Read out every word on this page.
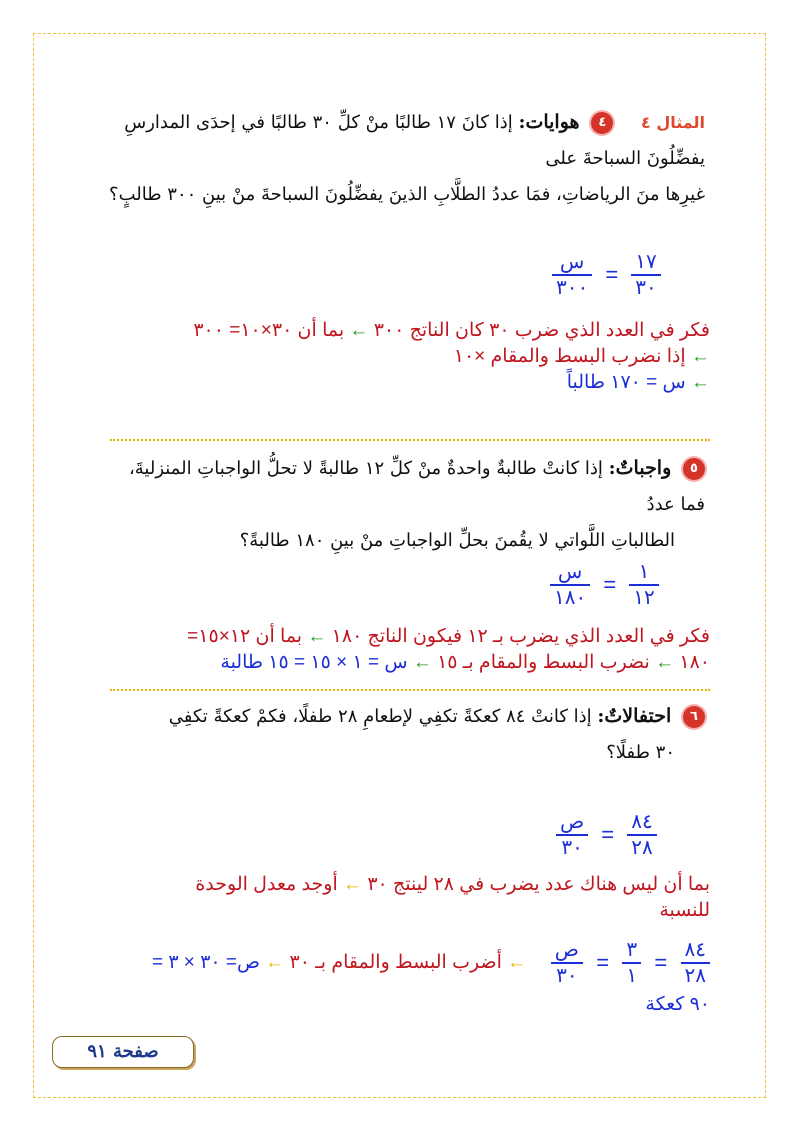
المثال ٤ ٤ هوايات: إذا كانَ ١٧ طالبًا منْ كلِّ ٣٠ طالبًا في إحدَى المدارسِ يفضِّلُونَ السباحةَ على
غيرِها منَ الرياضاتِ، فمَا عددُ الطلَّابِ الذينَ يفضِّلُونَ السباحةَ منْ بينِ ٣٠٠ طالبٍ؟
$\frac{\text{س}}{٣٠٠} = \frac{١٧}{٣٠}$
فكر في العدد الذي ضرب ٣٠ كان الناتج ٣٠٠ ← بما أن ٣٠×١٠= ٣٠٠
← إذا نضرب البسط والمقام ×١٠
← س = ١٧٠ طالباً
٥ واجباتٌ: إذا كانتْ طالبةٌ واحدةٌ منْ كلِّ ١٢ طالبةً لا تحلُّ الواجباتِ المنزليةَ، فما عددُ
الطالباتِ اللَّواتي لا يقُمنَ بحلِّ الواجباتِ منْ بينِ ١٨٠ طالبةً؟
$\frac{\text{س}}{١٨٠} = \frac{١}{١٢}$
فكر في العدد الذي يضرب بـ ١٢ فيكون الناتج ١٨٠ ← بما أن ١٢×١٥=
١٨٠ ← نضرب البسط والمقام بـ ١٥ ← س = ١ × ١٥ = ١٥ طالبة
٦ احتفالاتٌ: إذا كانتْ ٨٤ كعكةً تكفِي لإطعامِ ٢٨ طفلًا، فكمْ كعكةً تكفِي
٣٠ طفلًا؟
$\frac{\text{ص}}{٣٠} = \frac{٨٤}{٢٨}$
بما أن ليس هناك عدد يضرب في ٢٨ لينتج ٣٠ ← أوجد معدل الوحدة
للنسبة
$\frac{٨٤}{٢٨}$
=
$\frac{٣}{١}$
=
$\frac{\text{ص}}{٣٠}$
← أضرب البسط والمقام بـ ٣٠ ← ص= ٣٠ × ٣ =
٩٠ كعكة
صفحة ٩١
